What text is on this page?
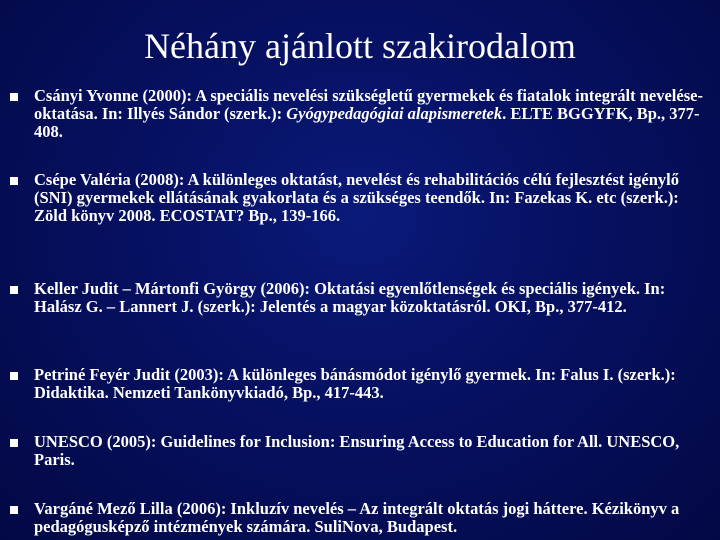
Néhány ajánlott szakirodalom
Csányi Yvonne (2000): A speciális nevelési szükségletű gyermekek és fiatalok integrált nevelése-oktatása. In: Illyés Sándor (szerk.): Gyógypedagógiai alapismeretek. ELTE BGGYFK, Bp., 377-408.
Csépe Valéria (2008): A különleges oktatást, nevelést és rehabilitációs célú fejlesztést igénylő (SNI) gyermekek ellátásának gyakorlata és a szükséges teendők. In: Fazekas K. etc (szerk.): Zöld könyv 2008. ECOSTAT? Bp., 139-166.
Keller Judit – Mártonfi György (2006): Oktatási egyenlőtlenségek és speciális igények. In: Halász G. – Lannert J. (szerk.): Jelentés a magyar közoktatásról. OKI, Bp., 377-412.
Petriné Feyér Judit (2003): A különleges bánásmódot igénylő gyermek. In: Falus I. (szerk.): Didaktika. Nemzeti Tankönyvkiadó, Bp., 417-443.
UNESCO (2005): Guidelines for Inclusion: Ensuring Access to Education for All. UNESCO, Paris.
Vargáné Mező Lilla (2006): Inkluzív nevelés – Az integrált oktatás jogi háttere. Kézikönyv a pedagógusképző intézmények számára. SuliNova, Budapest.
